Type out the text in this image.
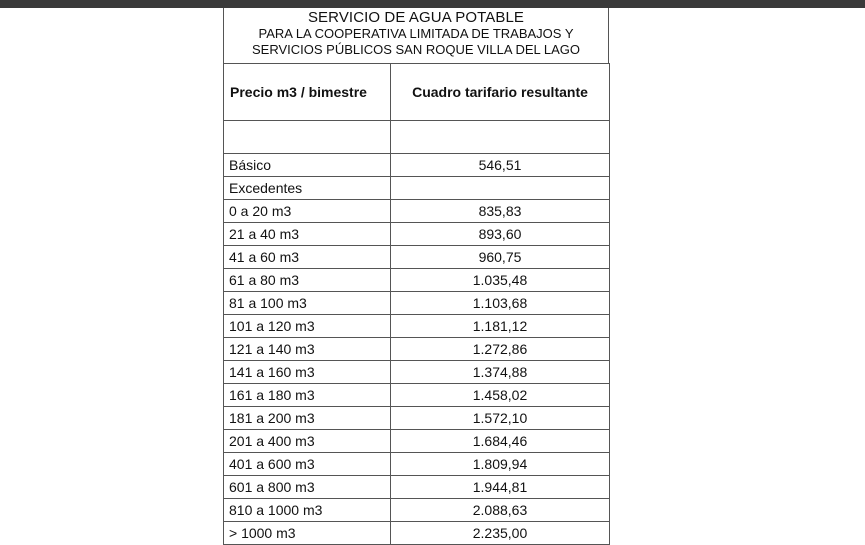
SERVICIO DE AGUA POTABLE
PARA LA COOPERATIVA LIMITADA DE TRABAJOS Y
SERVICIOS PÚBLICOS SAN ROQUE VILLA DEL LAGO
Precio m3 / bimestre	Cuadro tarifario resultante

Básico	546,51
Excedentes	
0 a 20 m3	835,83
21 a 40 m3	893,60
41 a 60 m3	960,75
61 a 80 m3	1.035,48
81 a 100 m3	1.103,68
101 a 120 m3	1.181,12
121 a 140 m3	1.272,86
141 a 160 m3	1.374,88
161 a 180 m3	1.458,02
181 a 200 m3	1.572,10
201 a 400 m3	1.684,46
401 a 600 m3	1.809,94
601 a 800 m3	1.944,81
810 a 1000 m3	2.088,63
> 1000 m3	2.235,00
